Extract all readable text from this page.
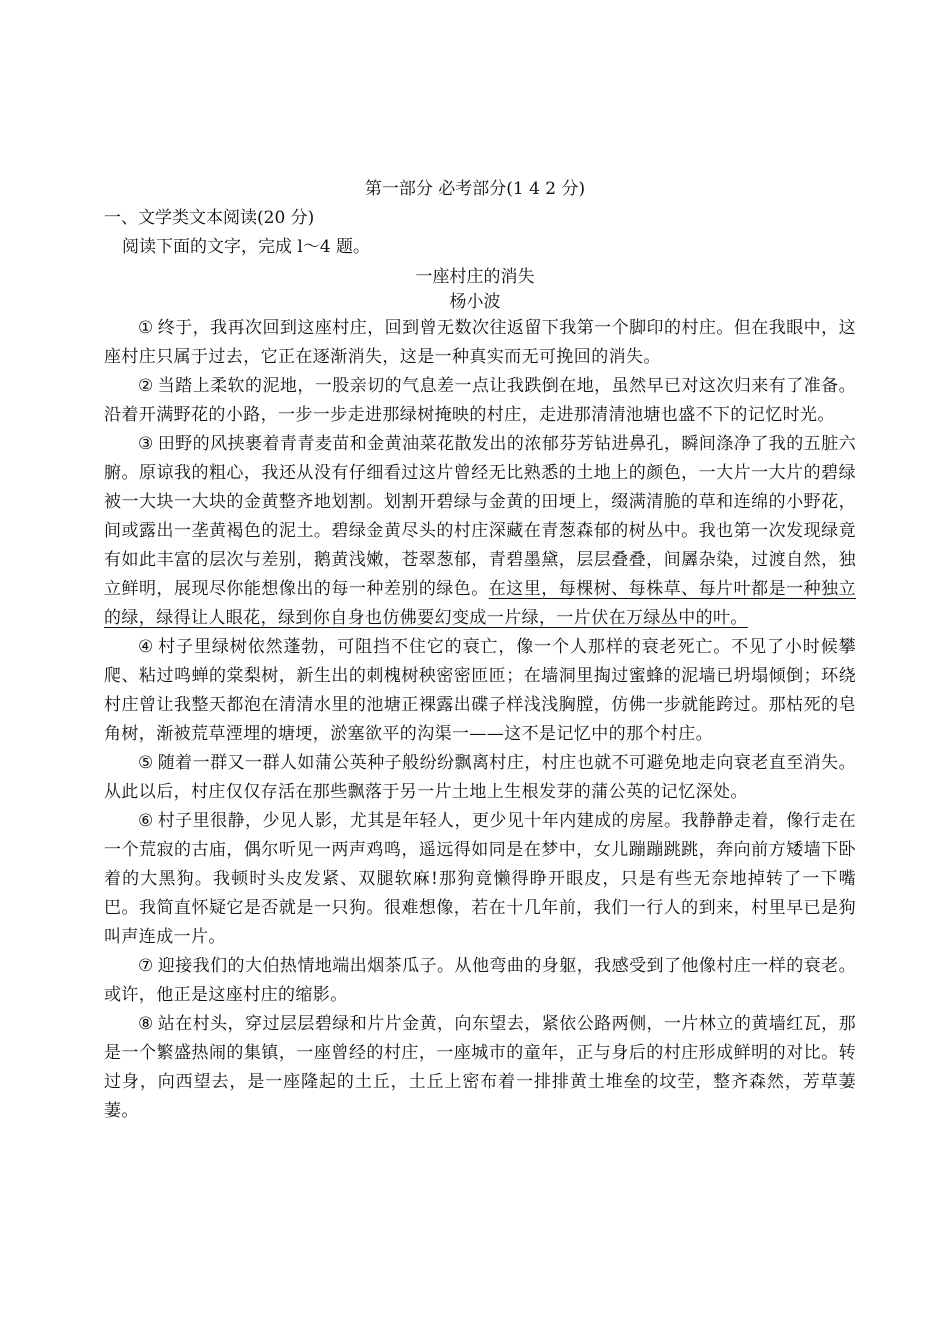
第一部分 必考部分(1 4 2 分)
一、文学类文本阅读(20 分)
阅读下面的文字，完成 l～4 题。
一座村庄的消失
杨小波

① 终于，我再次回到这座村庄，回到曾无数次往返留下我第一个脚印的村庄。但在我眼中，这座村庄只属于过去，它正在逐渐消失，这是一种真实而无可挽回的消失。

② 当踏上柔软的泥地，一股亲切的气息差一点让我跌倒在地，虽然早已对这次归来有了准备。沿着开满野花的小路，一步一步走进那绿树掩映的村庄，走进那清清池塘也盛不下的记忆时光。

③ 田野的风挟裹着青青麦苗和金黄油菜花散发出的浓郁芬芳钻进鼻孔，瞬间涤净了我的五脏六腑。原谅我的粗心，我还从没有仔细看过这片曾经无比熟悉的土地上的颜色，一大片一大片的碧绿被一大块一大块的金黄整齐地划割。划割开碧绿与金黄的田埂上，缀满清脆的草和连绵的小野花，间或露出一垄黄褐色的泥土。碧绿金黄尽头的村庄深藏在青葱森郁的树丛中。我也第一次发现绿竟有如此丰富的层次与差别，鹅黄浅嫩，苍翠葱郁，青碧墨黛，层层叠叠，间羼杂染，过渡自然，独立鲜明，展现尽你能想像出的每一种差别的绿色。在这里，每棵树、每株草、每片叶都是一种独立的绿，绿得让人眼花，绿到你自身也仿佛要幻变成一片绿，一片伏在万绿丛中的叶。

④ 村子里绿树依然蓬勃，可阻挡不住它的衰亡，像一个人那样的衰老死亡。不见了小时候攀爬、粘过鸣蝉的棠梨树，新生出的刺槐树秧密密匝匝；在墙洞里掏过蜜蜂的泥墙已坍塌倾倒；环绕村庄曾让我整天都泡在清清水里的池塘正裸露出碟子样浅浅胸膛，仿佛一步就能跨过。那枯死的皂角树，渐被荒草湮埋的塘埂，淤塞欲平的沟渠一——这不是记忆中的那个村庄。

⑤ 随着一群又一群人如蒲公英种子般纷纷飘离村庄，村庄也就不可避免地走向衰老直至消失。从此以后，村庄仅仅存活在那些飘落于另一片土地上生根发芽的蒲公英的记忆深处。

⑥ 村子里很静，少见人影，尤其是年轻人，更少见十年内建成的房屋。我静静走着，像行走在一个荒寂的古庙，偶尔听见一两声鸡鸣，遥远得如同是在梦中，女儿蹦蹦跳跳，奔向前方矮墙下卧着的大黑狗。我顿时头皮发紧、双腿软麻!那狗竟懒得睁开眼皮，只是有些无奈地掉转了一下嘴巴。我简直怀疑它是否就是一只狗。很难想像，若在十几年前，我们一行人的到来，村里早已是狗叫声连成一片。

⑦ 迎接我们的大伯热情地端出烟茶瓜子。从他弯曲的身躯，我感受到了他像村庄一样的衰老。或许，他正是这座村庄的缩影。

⑧ 站在村头，穿过层层碧绿和片片金黄，向东望去，紧依公路两侧，一片林立的黄墙红瓦，那是一个繁盛热闹的集镇，一座曾经的村庄，一座城市的童年，正与身后的村庄形成鲜明的对比。转过身，向西望去，是一座隆起的土丘，土丘上密布着一排排黄土堆垒的坟茔，整齐森然，芳草萋萋。
